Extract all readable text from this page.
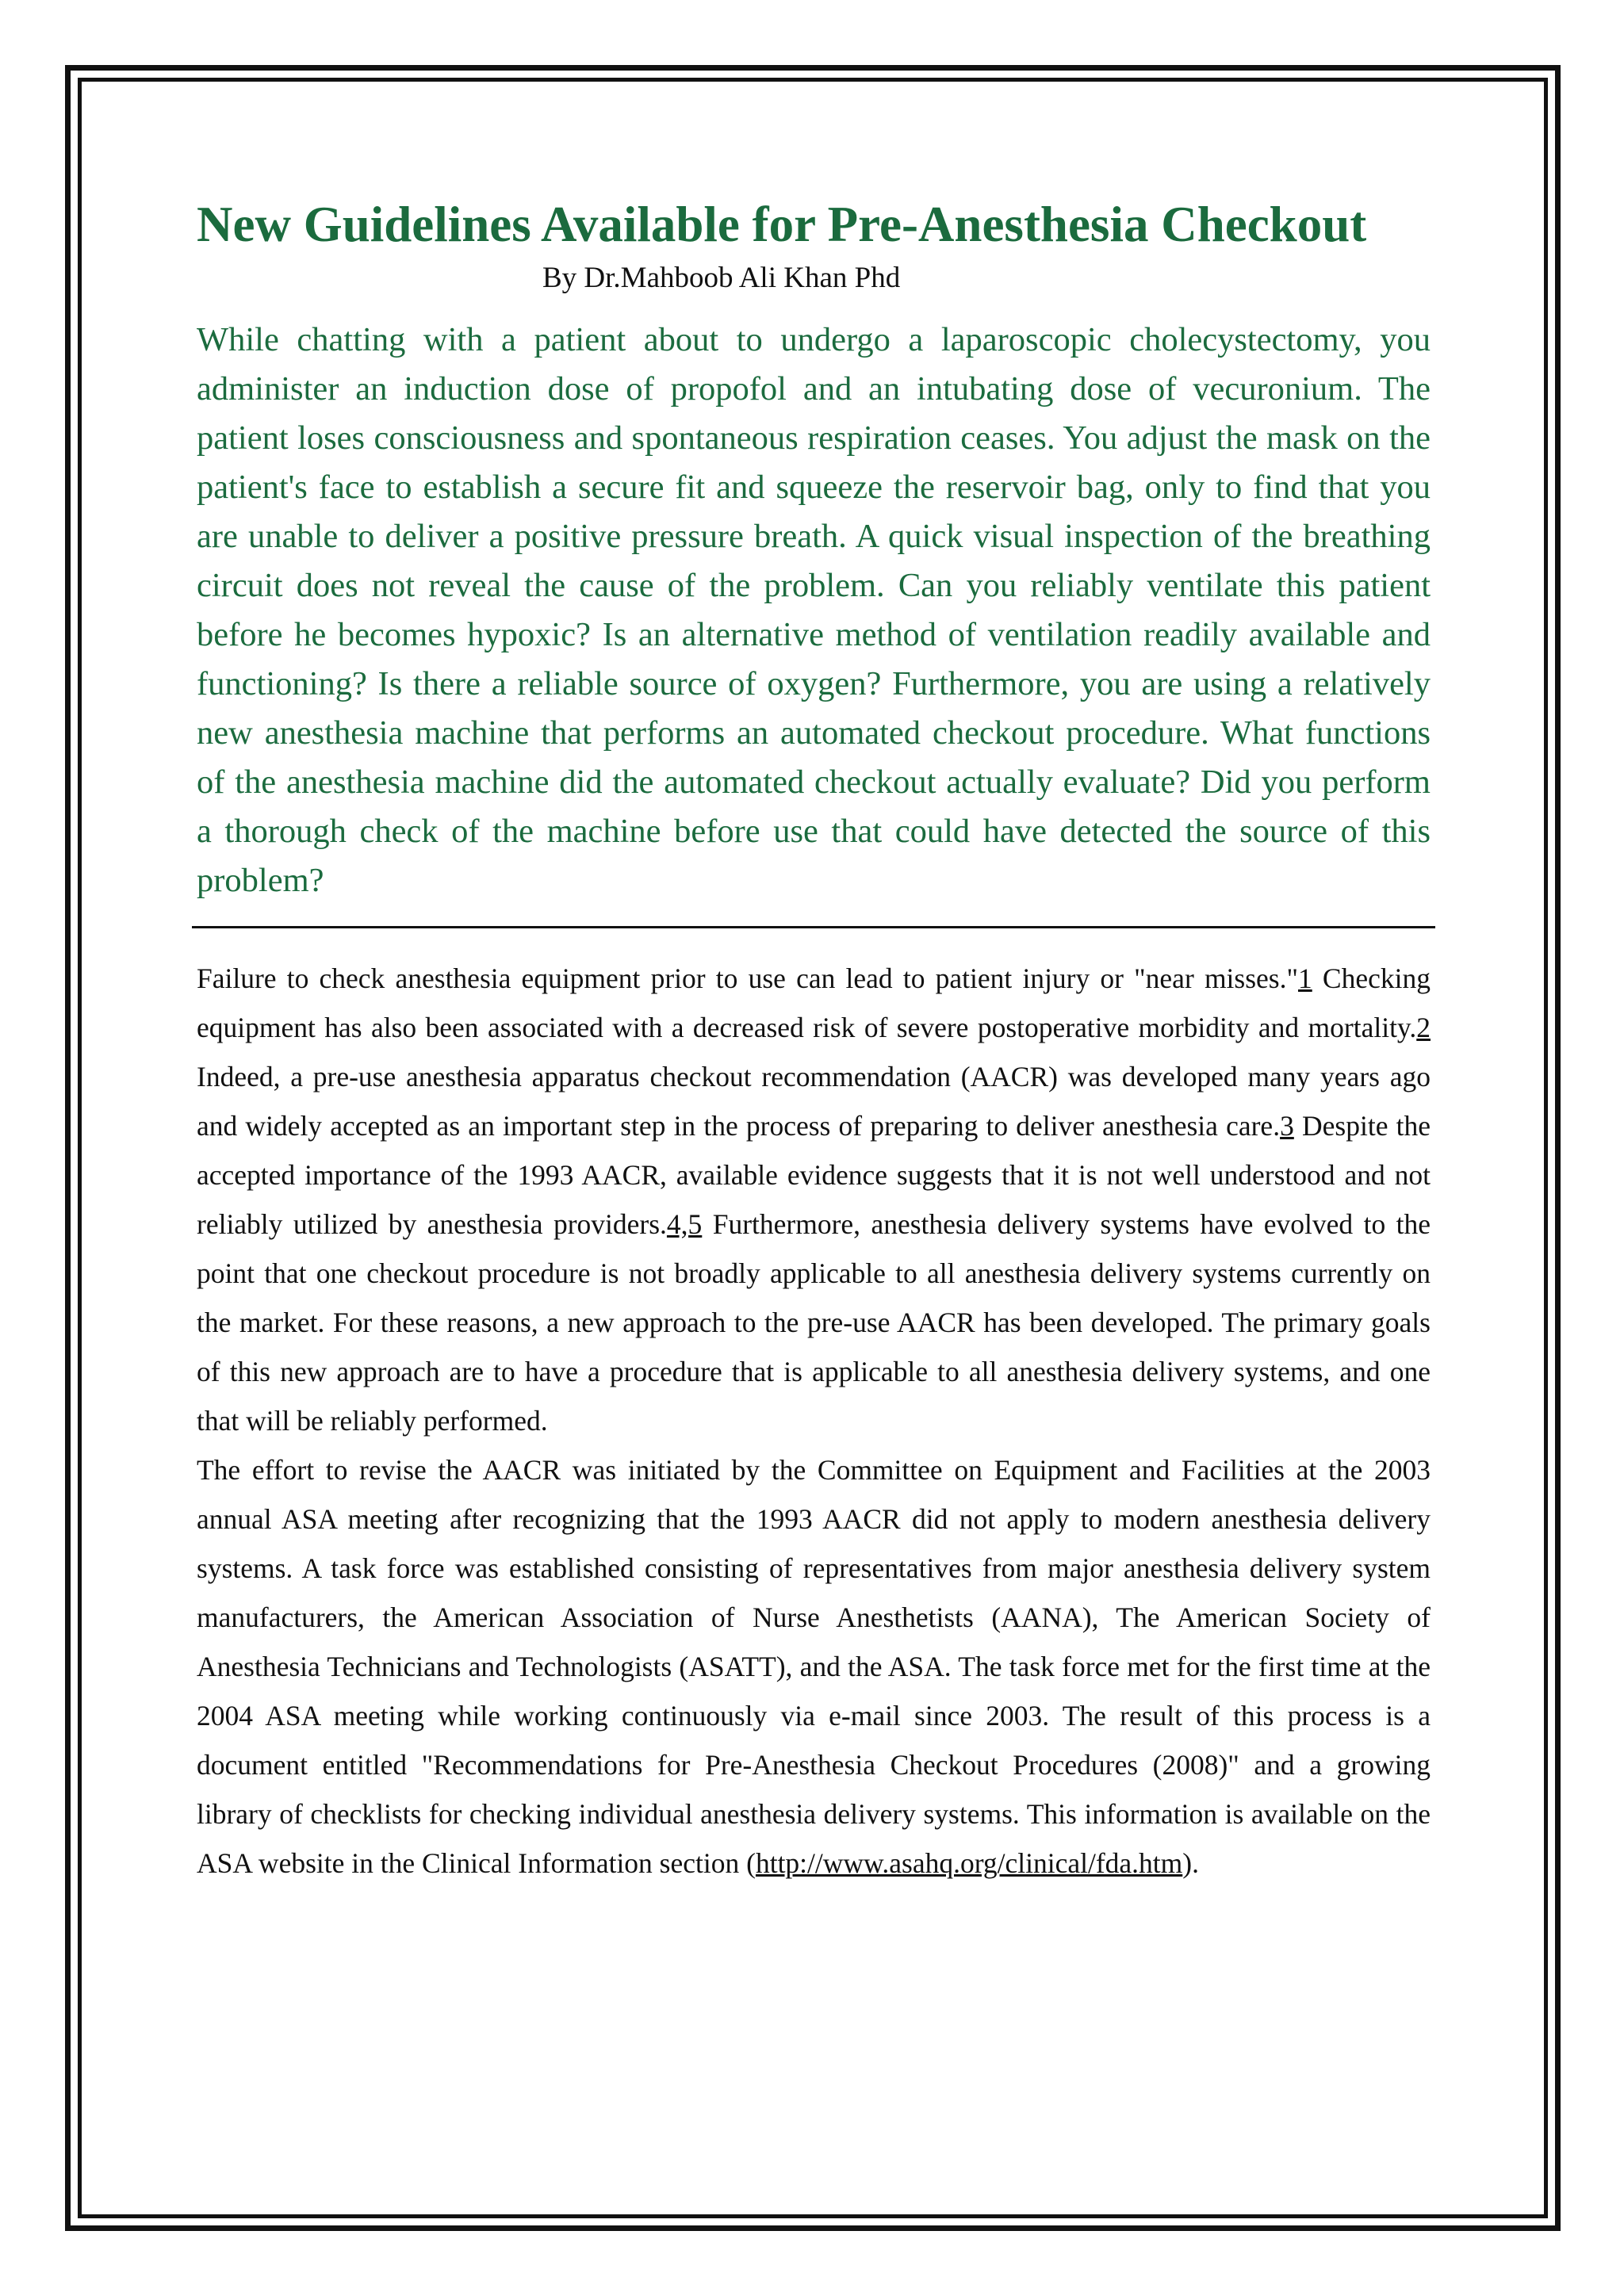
New Guidelines Available for Pre-Anesthesia Checkout

By Dr.Mahboob Ali Khan Phd

While chatting with a patient about to undergo a laparoscopic cholecystectomy, you administer an induction dose of propofol and an intubating dose of vecuronium. The patient loses consciousness and spontaneous respiration ceases. You adjust the mask on the patient's face to establish a secure fit and squeeze the reservoir bag, only to find that you are unable to deliver a positive pressure breath. A quick visual inspection of the breathing circuit does not reveal the cause of the problem. Can you reliably ventilate this patient before he becomes hypoxic? Is an alternative method of ventilation readily available and functioning? Is there a reliable source of oxygen? Furthermore, you are using a relatively new anesthesia machine that performs an automated checkout procedure. What functions of the anesthesia machine did the automated checkout actually evaluate? Did you perform a thorough check of the machine before use that could have detected the source of this problem?

Failure to check anesthesia equipment prior to use can lead to patient injury or "near misses."1 Checking equipment has also been associated with a decreased risk of severe postoperative morbidity and mortality.2 Indeed, a pre-use anesthesia apparatus checkout recommendation (AACR) was developed many years ago and widely accepted as an important step in the process of preparing to deliver anesthesia care.3 Despite the accepted importance of the 1993 AACR, available evidence suggests that it is not well understood and not reliably utilized by anesthesia providers.4,5 Furthermore, anesthesia delivery systems have evolved to the point that one checkout procedure is not broadly applicable to all anesthesia delivery systems currently on the market. For these reasons, a new approach to the pre-use AACR has been developed. The primary goals of this new approach are to have a procedure that is applicable to all anesthesia delivery systems, and one that will be reliably performed.

The effort to revise the AACR was initiated by the Committee on Equipment and Facilities at the 2003 annual ASA meeting after recognizing that the 1993 AACR did not apply to modern anesthesia delivery systems. A task force was established consisting of representatives from major anesthesia delivery system manufacturers, the American Association of Nurse Anesthetists (AANA), The American Society of Anesthesia Technicians and Technologists (ASATT), and the ASA. The task force met for the first time at the 2004 ASA meeting while working continuously via e-mail since 2003. The result of this process is a document entitled "Recommendations for Pre-Anesthesia Checkout Procedures (2008)" and a growing library of checklists for checking individual anesthesia delivery systems. This information is available on the ASA website in the Clinical Information section (http://www.asahq.org/clinical/fda.htm).
